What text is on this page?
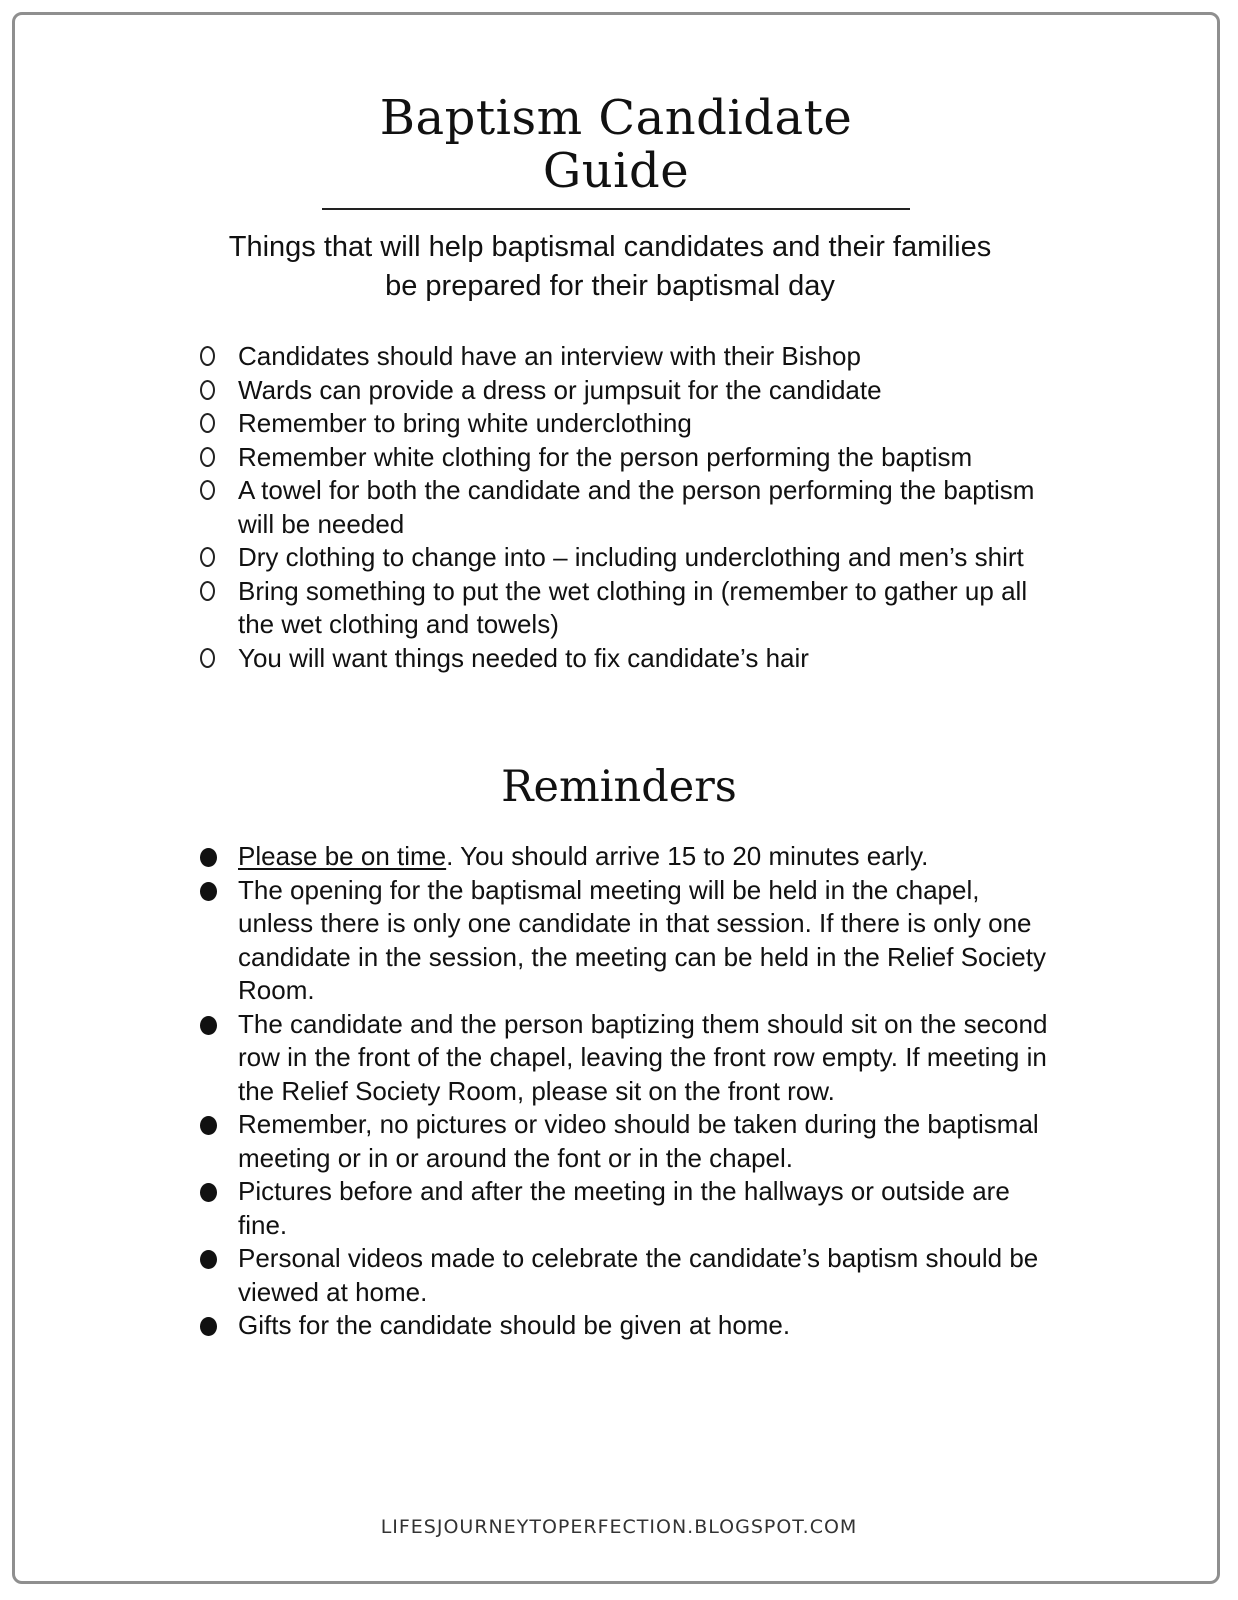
Baptism Candidate Guide
Things that will help baptismal candidates and their families
be prepared for their baptismal day
Candidates should have an interview with their Bishop
Wards can provide a dress or jumpsuit for the candidate
Remember to bring white underclothing
Remember white clothing for the person performing the baptism
A towel for both the candidate and the person performing the baptism will be needed
Dry clothing to change into – including underclothing and men’s shirt
Bring something to put the wet clothing in (remember to gather up all the wet clothing and towels)
You will want things needed to fix candidate’s hair
Reminders
Please be on time. You should arrive 15 to 20 minutes early.
The opening for the baptismal meeting will be held in the chapel, unless there is only one candidate in that session. If there is only one candidate in the session, the meeting can be held in the Relief Society Room.
The candidate and the person baptizing them should sit on the second row in the front of the chapel, leaving the front row empty. If meeting in the Relief Society Room, please sit on the front row.
Remember, no pictures or video should be taken during the baptismal meeting or in or around the font or in the chapel.
Pictures before and after the meeting in the hallways or outside are fine.
Personal videos made to celebrate the candidate’s baptism should be viewed at home.
Gifts for the candidate should be given at home.
LIFESJOURNEYTOPERFECTION.BLOGSPOT.COM
